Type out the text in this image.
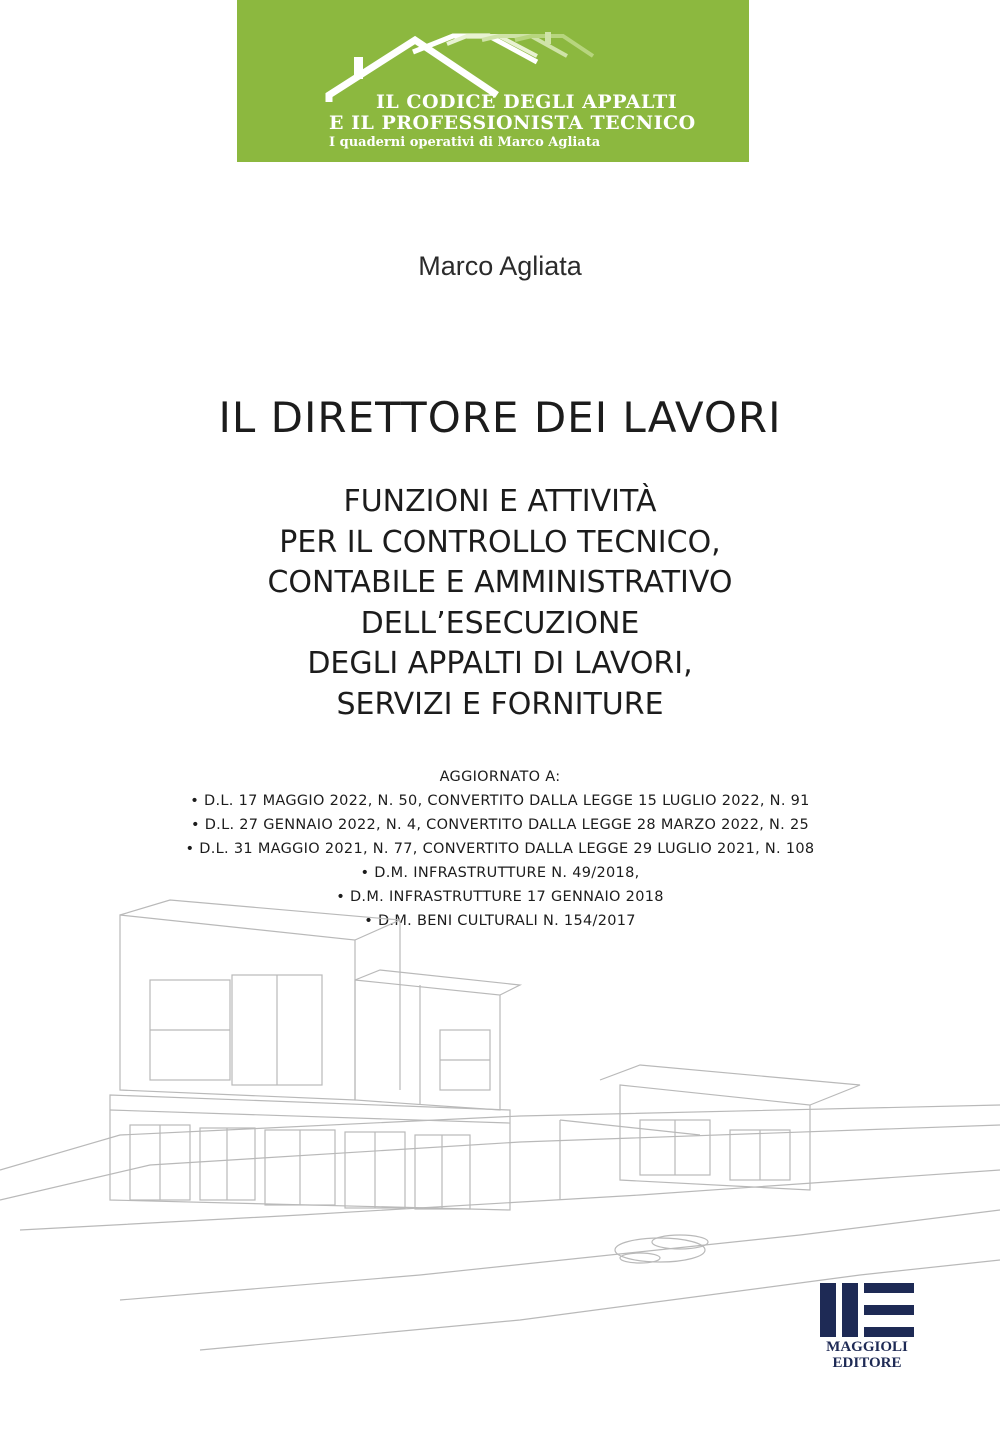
IL CODICE DEGLI APPALTI
E IL PROFESSIONISTA TECNICO
I quaderni operativi di Marco Agliata
Marco Agliata
IL DIRETTORE DEI LAVORI
FUNZIONI E ATTIVITÀ
PER IL CONTROLLO TECNICO,
CONTABILE E AMMINISTRATIVO
DELL’ESECUZIONE
DEGLI APPALTI DI LAVORI,
SERVIZI E FORNITURE
AGGIORNATO A:
• D.L. 17 MAGGIO 2022, N. 50, CONVERTITO DALLA LEGGE 15 LUGLIO 2022, N. 91
• D.L. 27 GENNAIO 2022, N. 4, CONVERTITO DALLA LEGGE 28 MARZO 2022, N. 25
• D.L. 31 MAGGIO 2021, N. 77, CONVERTITO DALLA LEGGE 29 LUGLIO 2021, N. 108
• D.M. INFRASTRUTTURE N. 49/2018,
• D.M. INFRASTRUTTURE 17 GENNAIO 2018
• D.M. BENI CULTURALI N. 154/2017
MAGGIOLI
EDITORE
